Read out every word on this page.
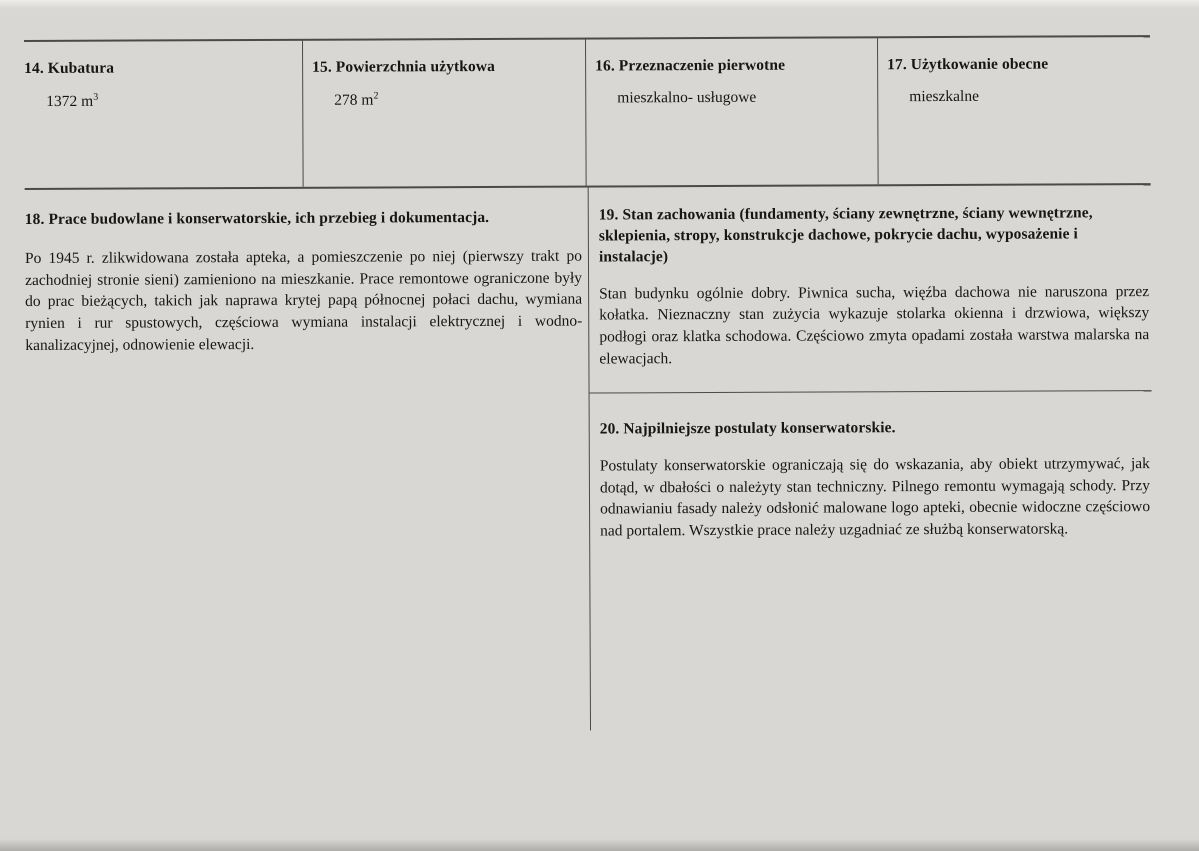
14. Kubatura
1372 $m^3$
15. Powierzchnia użytkowa
278 $m^2$
16. Przeznaczenie pierwotne
mieszkalno- usługowe
17. Użytkowanie obecne
mieszkalne
18. Prace budowlane i konserwatorskie, ich przebieg i dokumentacja.
Po 1945 r. zlikwidowana została apteka, a pomieszczenie po niej (pierwszy trakt po zachodniej stronie sieni) zamieniono na mieszkanie. Prace remontowe ograniczone były do prac bieżących, takich jak naprawa krytej papą północnej połaci dachu, wymiana rynien i rur spustowych, częściowa wymiana instalacji elektrycznej i wodno-kanalizacyjnej, odnowienie elewacji.
19. Stan zachowania (fundamenty, ściany zewnętrzne, ściany wewnętrzne, sklepienia, stropy, konstrukcje dachowe, pokrycie dachu, wyposażenie i instalacje)
Stan budynku ogólnie dobry. Piwnica sucha, więźba dachowa nie naruszona przez kołatka. Nieznaczny stan zużycia wykazuje stolarka okienna i drzwiowa, większy podłogi oraz klatka schodowa. Częściowo zmyta opadami została warstwa malarska na elewacjach.
20. Najpilniejsze postulaty konserwatorskie.
Postulaty konserwatorskie ograniczają się do wskazania, aby obiekt utrzymywać, jak dotąd, w dbałości o należyty stan techniczny. Pilnego remontu wymagają schody. Przy odnawianiu fasady należy odsłonić malowane logo apteki, obecnie widoczne częściowo nad portalem. Wszystkie prace należy uzgadniać ze służbą konserwatorską.
